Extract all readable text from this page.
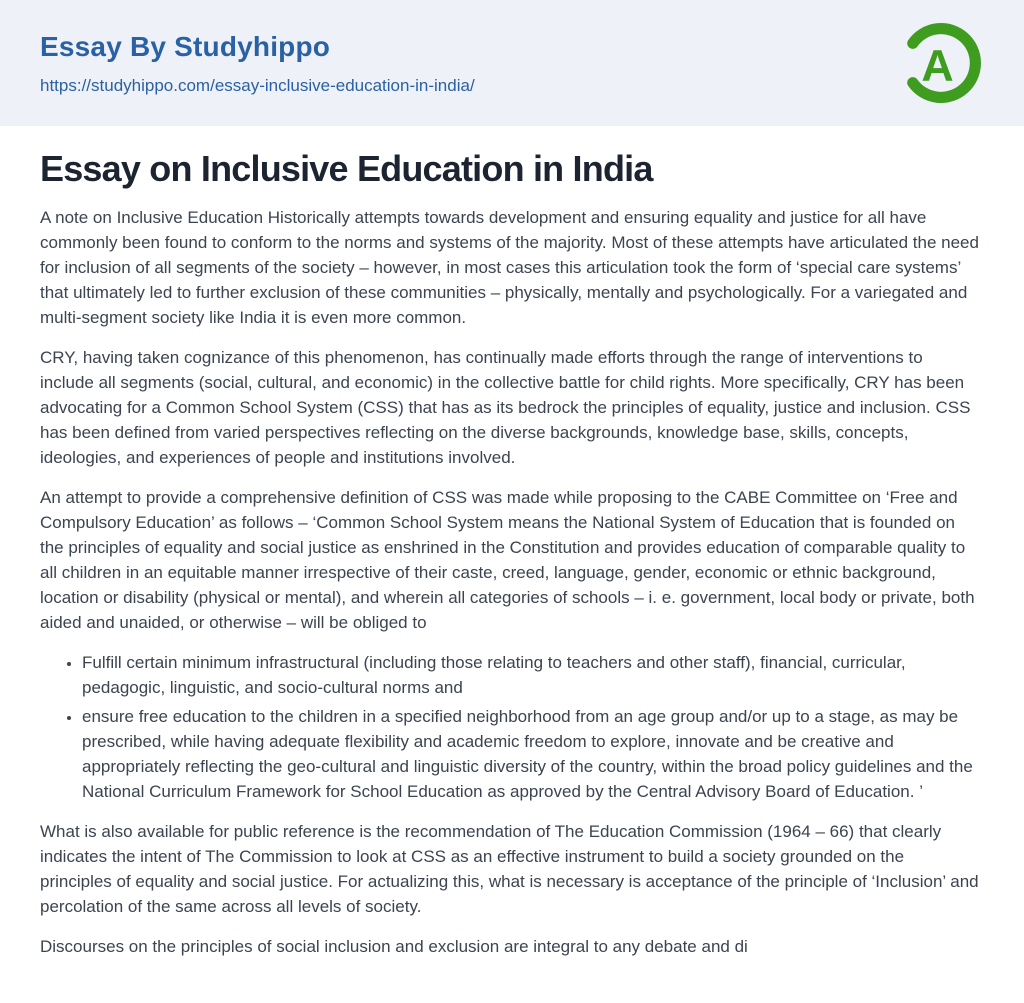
Essay By Studyhippo
https://studyhippo.com/essay-inclusive-education-in-india/	A
Essay on Inclusive Education in India

A note on Inclusive Education Historically attempts towards development and ensuring equality and justice for all have commonly been found to conform to the norms and systems of the majority. Most of these attempts have articulated the need for inclusion of all segments of the society – however, in most cases this articulation took the form of ‘special care systems’ that ultimately led to further exclusion of these communities – physically, mentally and psychologically. For a variegated and multi-segment society like India it is even more common.

CRY, having taken cognizance of this phenomenon, has continually made efforts through the range of interventions to include all segments (social, cultural, and economic) in the collective battle for child rights. More specifically, CRY has been advocating for a Common School System (CSS) that has as its bedrock the principles of equality, justice and inclusion. CSS has been defined from varied perspectives reflecting on the diverse backgrounds, knowledge base, skills, concepts, ideologies, and experiences of people and institutions involved.

An attempt to provide a comprehensive definition of CSS was made while proposing to the CABE Committee on ‘Free and Compulsory Education’ as follows – ‘Common School System means the National System of Education that is founded on the principles of equality and social justice as enshrined in the Constitution and provides education of comparable quality to all children in an equitable manner irrespective of their caste, creed, language, gender, economic or ethnic background, location or disability (physical or mental), and wherein all categories of schools – i. e. government, local body or private, both aided and unaided, or otherwise – will be obliged to

• Fulfill certain minimum infrastructural (including those relating to teachers and other staff), financial, curricular, pedagogic, linguistic, and socio-cultural norms and
• ensure free education to the children in a specified neighborhood from an age group and/or up to a stage, as may be prescribed, while having adequate flexibility and academic freedom to explore, innovate and be creative and appropriately reflecting the geo-cultural and linguistic diversity of the country, within the broad policy guidelines and the National Curriculum Framework for School Education as approved by the Central Advisory Board of Education. ’

What is also available for public reference is the recommendation of The Education Commission (1964 – 66) that clearly indicates the intent of The Commission to look at CSS as an effective instrument to build a society grounded on the principles of equality and social justice. For actualizing this, what is necessary is acceptance of the principle of ‘Inclusion’ and percolation of the same across all levels of society.

Discourses on the principles of social inclusion and exclusion are integral to any debate and di
